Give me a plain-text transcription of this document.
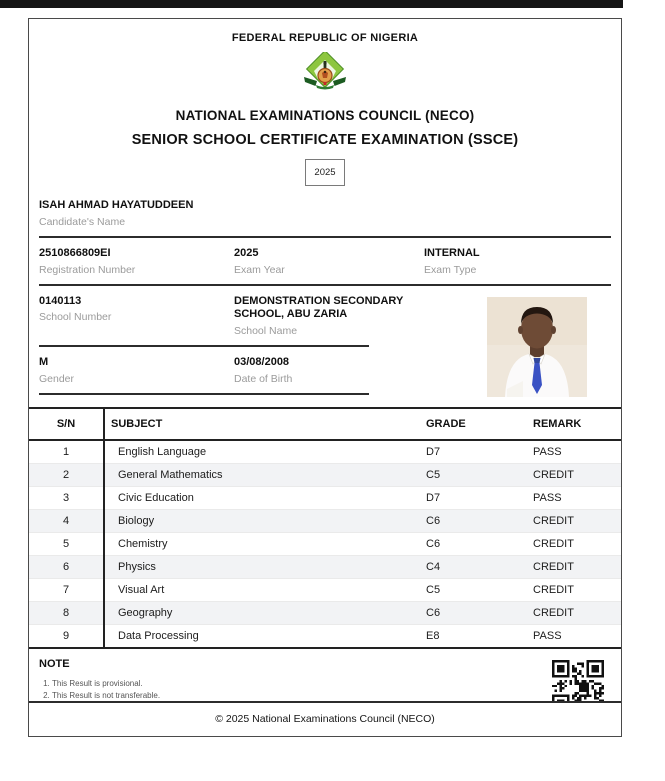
FEDERAL REPUBLIC OF NIGERIA
NATIONAL EXAMINATIONS COUNCIL (NECO)
SENIOR SCHOOL CERTIFICATE EXAMINATION (SSCE)
2025
ISAH AHMAD HAYATUDDEEN
Candidate's Name
2510866809EI
Registration Number
2025
Exam Year
INTERNAL
Exam Type
0140113
School Number
DEMONSTRATION SECONDARY SCHOOL, ABU ZARIA
School Name
M
Gender
03/08/2008
Date of Birth
S/N	SUBJECT	GRADE	REMARK
1	English Language	D7	PASS
2	General Mathematics	C5	CREDIT
3	Civic Education	D7	PASS
4	Biology	C6	CREDIT
5	Chemistry	C6	CREDIT
6	Physics	C4	CREDIT
7	Visual Art	C5	CREDIT
8	Geography	C6	CREDIT
9	Data Processing	E8	PASS
NOTE
1. This Result is provisional.
2. This Result is not transferable.
3.
© 2025 National Examinations Council (NECO)
